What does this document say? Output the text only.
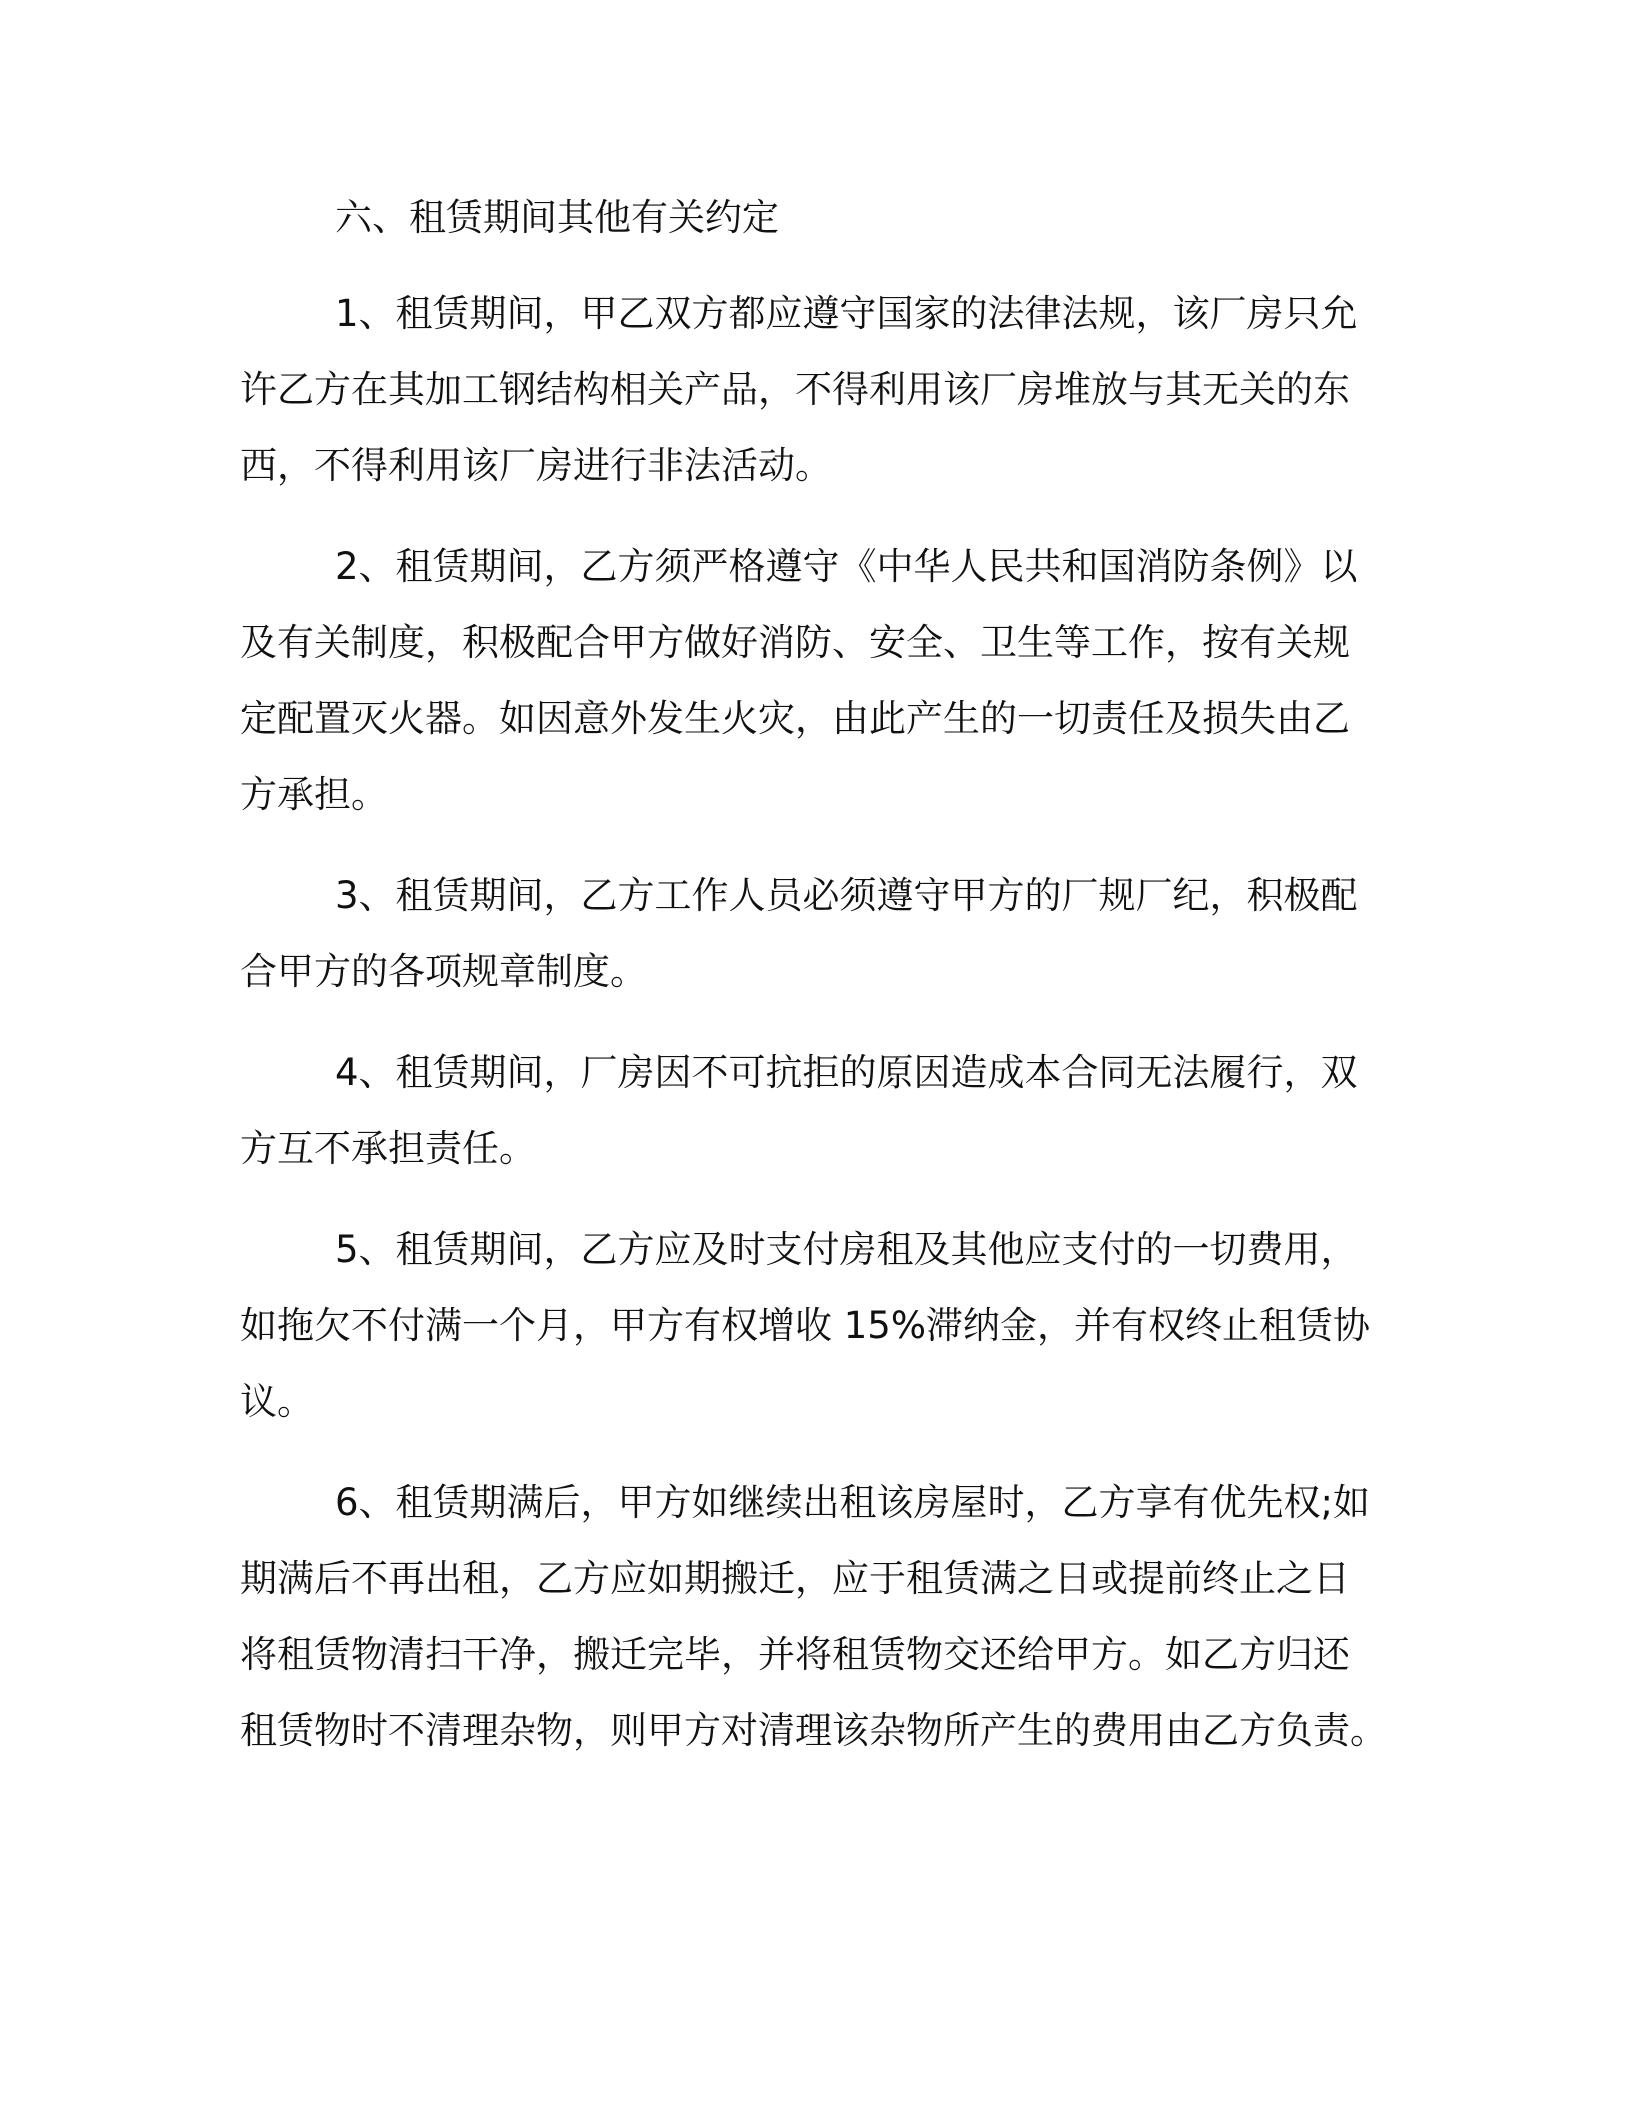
六、租赁期间其他有关约定
1、租赁期间，甲乙双方都应遵守国家的法律法规，该厂房只允
许乙方在其加工钢结构相关产品，不得利用该厂房堆放与其无关的东
西，不得利用该厂房进行非法活动。
2、租赁期间，乙方须严格遵守《中华人民共和国消防条例》以
及有关制度，积极配合甲方做好消防、安全、卫生等工作，按有关规
定配置灭火器。如因意外发生火灾，由此产生的一切责任及损失由乙
方承担。
3、租赁期间，乙方工作人员必须遵守甲方的厂规厂纪，积极配
合甲方的各项规章制度。
4、租赁期间，厂房因不可抗拒的原因造成本合同无法履行，双
方互不承担责任。
5、租赁期间，乙方应及时支付房租及其他应支付的一切费用，
如拖欠不付满一个月，甲方有权增收 15%滞纳金，并有权终止租赁协
议。
6、租赁期满后，甲方如继续出租该房屋时，乙方享有优先权;如
期满后不再出租，乙方应如期搬迁，应于租赁满之日或提前终止之日
将租赁物清扫干净，搬迁完毕，并将租赁物交还给甲方。如乙方归还
租赁物时不清理杂物，则甲方对清理该杂物所产生的费用由乙方负责。
